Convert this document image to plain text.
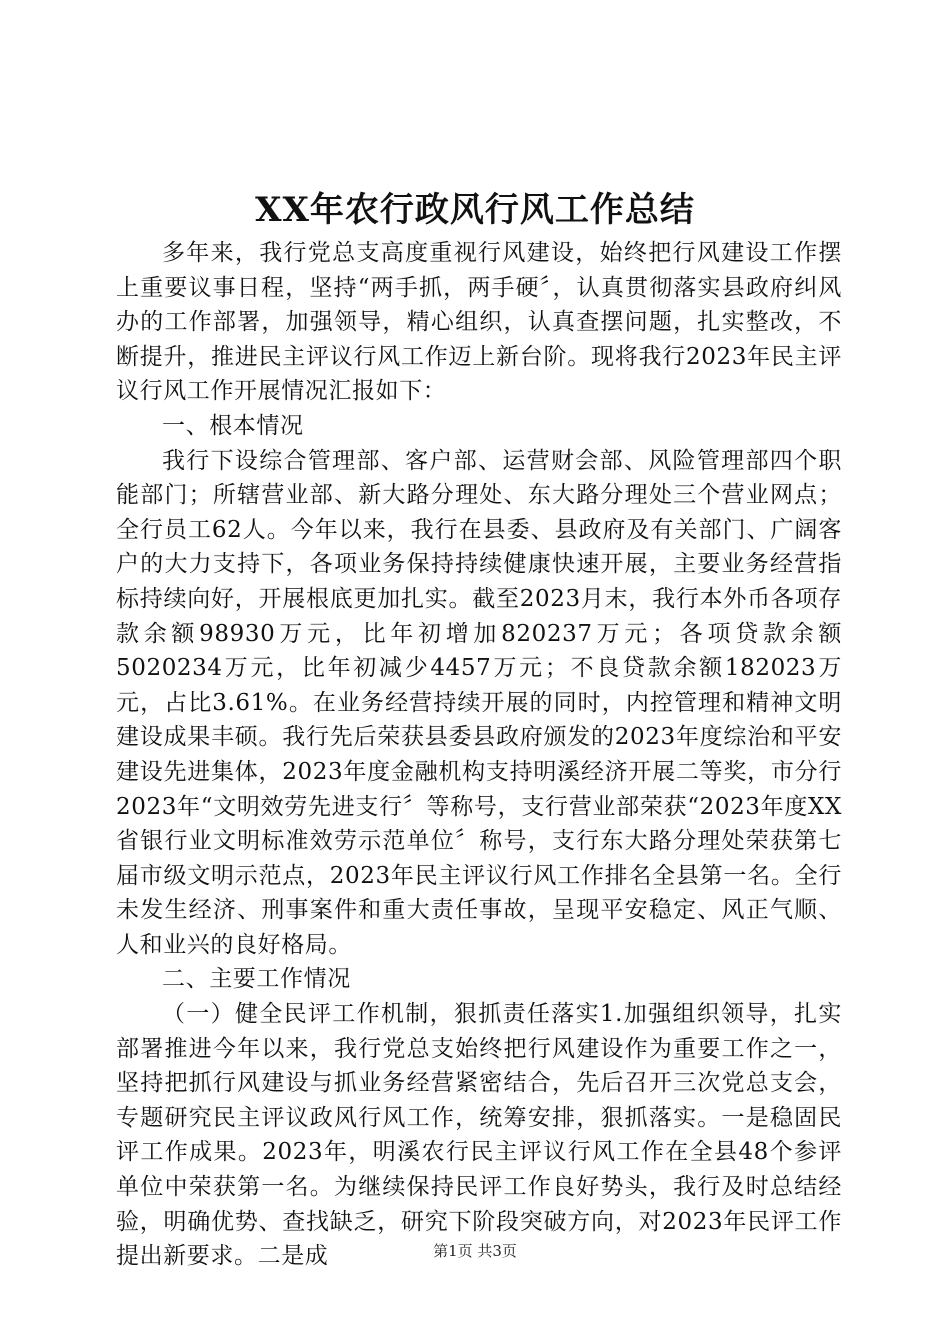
XX年农行政风行风工作总结

多年来，我行党总支高度重视行风建设，始终把行风建设工作摆上重要议事日程，坚持“两手抓，两手硬〞，认真贯彻落实县政府纠风办的工作部署，加强领导，精心组织，认真查摆问题，扎实整改，不断提升，推进民主评议行风工作迈上新台阶。现将我行2023年民主评议行风工作开展情况汇报如下：

一、根本情况

我行下设综合管理部、客户部、运营财会部、风险管理部四个职能部门；所辖营业部、新大路分理处、东大路分理处三个营业网点；全行员工62人。今年以来，我行在县委、县政府及有关部门、广阔客户的大力支持下，各项业务保持持续健康快速开展，主要业务经营指标持续向好，开展根底更加扎实。截至2023月末，我行本外币各项存款余额98930万元，比年初增加820237万元；各项贷款余额5020234万元，比年初减少4457万元；不良贷款余额182023万元，占比3.61%。在业务经营持续开展的同时，内控管理和精神文明建设成果丰硕。我行先后荣获县委县政府颁发的2023年度综治和平安建设先进集体，2023年度金融机构支持明溪经济开展二等奖，市分行2023年“文明效劳先进支行〞等称号，支行营业部荣获“2023年度XX省银行业文明标准效劳示范单位〞称号，支行东大路分理处荣获第七届市级文明示范点，2023年民主评议行风工作排名全县第一名。全行未发生经济、刑事案件和重大责任事故，呈现平安稳定、风正气顺、人和业兴的良好格局。

二、主要工作情况

（一）健全民评工作机制，狠抓责任落实1.加强组织领导，扎实部署推进今年以来，我行党总支始终把行风建设作为重要工作之一，坚持把抓行风建设与抓业务经营紧密结合，先后召开三次党总支会，专题研究民主评议政风行风工作，统筹安排，狠抓落实。一是稳固民评工作成果。2023年，明溪农行民主评议行风工作在全县48个参评单位中荣获第一名。为继续保持民评工作良好势头，我行及时总结经验，明确优势、查找缺乏，研究下阶段突破方向，对2023年民评工作提出新要求。二是成	第1页 共3页
